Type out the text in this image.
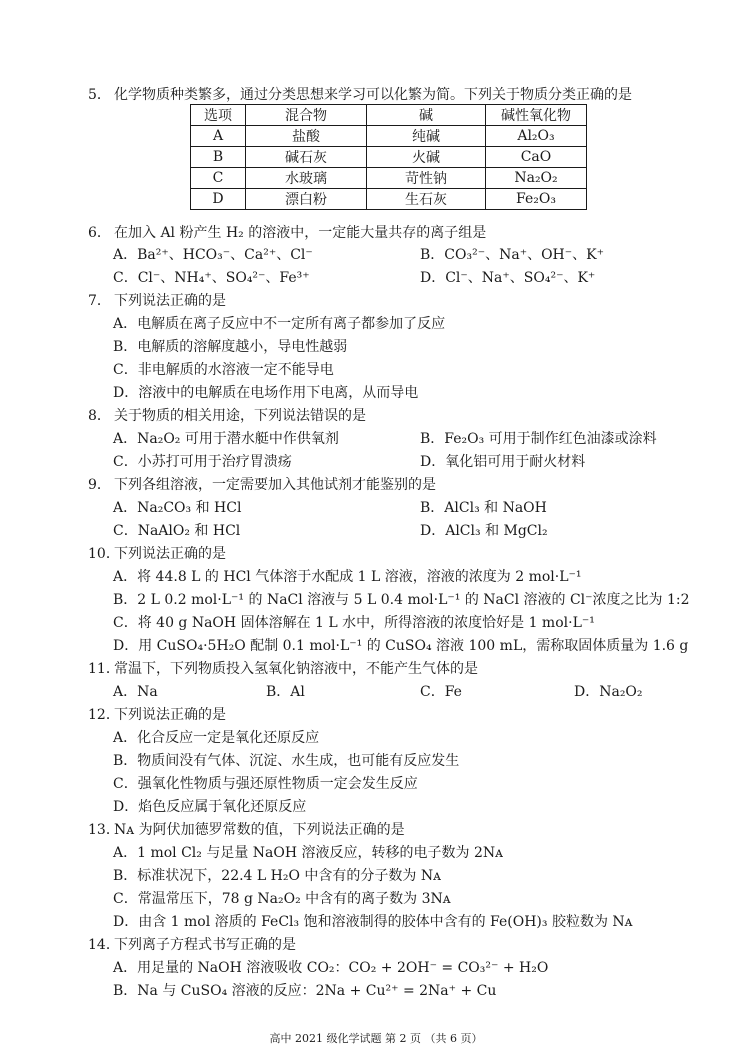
5． 化学物质种类繁多，通过分类思想来学习可以化繁为简。下列关于物质分类正确的是
选项	混合物	碱	碱性氧化物
A	盐酸	纯碱	Al₂O₃
B	碱石灰	火碱	CaO
C	水玻璃	苛性钠	Na₂O₂
D	漂白粉	生石灰	Fe₂O₃
6． 在加入 Al 粉产生 H₂ 的溶液中，一定能大量共存的离子组是
A．Ba²⁺、HCO₃⁻、Ca²⁺、Cl⁻	B．CO₃²⁻、Na⁺、OH⁻、K⁺
C．Cl⁻、NH₄⁺、SO₄²⁻、Fe³⁺	D．Cl⁻、Na⁺、SO₄²⁻、K⁺
7． 下列说法正确的是
A．电解质在离子反应中不一定所有离子都参加了反应
B．电解质的溶解度越小，导电性越弱
C．非电解质的水溶液一定不能导电
D．溶液中的电解质在电场作用下电离，从而导电
8． 关于物质的相关用途，下列说法错误的是
A．Na₂O₂ 可用于潜水艇中作供氧剂	B．Fe₂O₃ 可用于制作红色油漆或涂料
C．小苏打可用于治疗胃溃疡	D．氧化铝可用于耐火材料
9． 下列各组溶液，一定需要加入其他试剂才能鉴别的是
A．Na₂CO₃ 和 HCl	B．AlCl₃ 和 NaOH
C．NaAlO₂ 和 HCl	D．AlCl₃ 和 MgCl₂
10．下列说法正确的是
A．将 44.8 L 的 HCl 气体溶于水配成 1 L 溶液，溶液的浓度为 2 mol·L⁻¹
B．2 L 0.2 mol·L⁻¹ 的 NaCl 溶液与 5 L 0.4 mol·L⁻¹ 的 NaCl 溶液的 Cl⁻浓度之比为 1:2
C．将 40 g NaOH 固体溶解在 1 L 水中，所得溶液的浓度恰好是 1 mol·L⁻¹
D．用 CuSO₄·5H₂O 配制 0.1 mol·L⁻¹ 的 CuSO₄ 溶液 100 mL，需称取固体质量为 1.6 g
11．常温下，下列物质投入氢氧化钠溶液中，不能产生气体的是
A．Na	B．Al	C．Fe	D．Na₂O₂
12．下列说法正确的是
A．化合反应一定是氧化还原反应
B．物质间没有气体、沉淀、水生成，也可能有反应发生
C．强氧化性物质与强还原性物质一定会发生反应
D．焰色反应属于氧化还原反应
13．Nᴀ 为阿伏加德罗常数的值，下列说法正确的是
A．1 mol Cl₂ 与足量 NaOH 溶液反应，转移的电子数为 2Nᴀ
B．标准状况下，22.4 L H₂O 中含有的分子数为 Nᴀ
C．常温常压下，78 g Na₂O₂ 中含有的离子数为 3Nᴀ
D．由含 1 mol 溶质的 FeCl₃ 饱和溶液制得的胶体中含有的 Fe(OH)₃ 胶粒数为 Nᴀ
14．下列离子方程式书写正确的是
A．用足量的 NaOH 溶液吸收 CO₂：CO₂ + 2OH⁻ = CO₃²⁻ + H₂O
B．Na 与 CuSO₄ 溶液的反应：2Na + Cu²⁺ = 2Na⁺ + Cu
高中 2021 级化学试题 第 2 页 （共 6 页）
